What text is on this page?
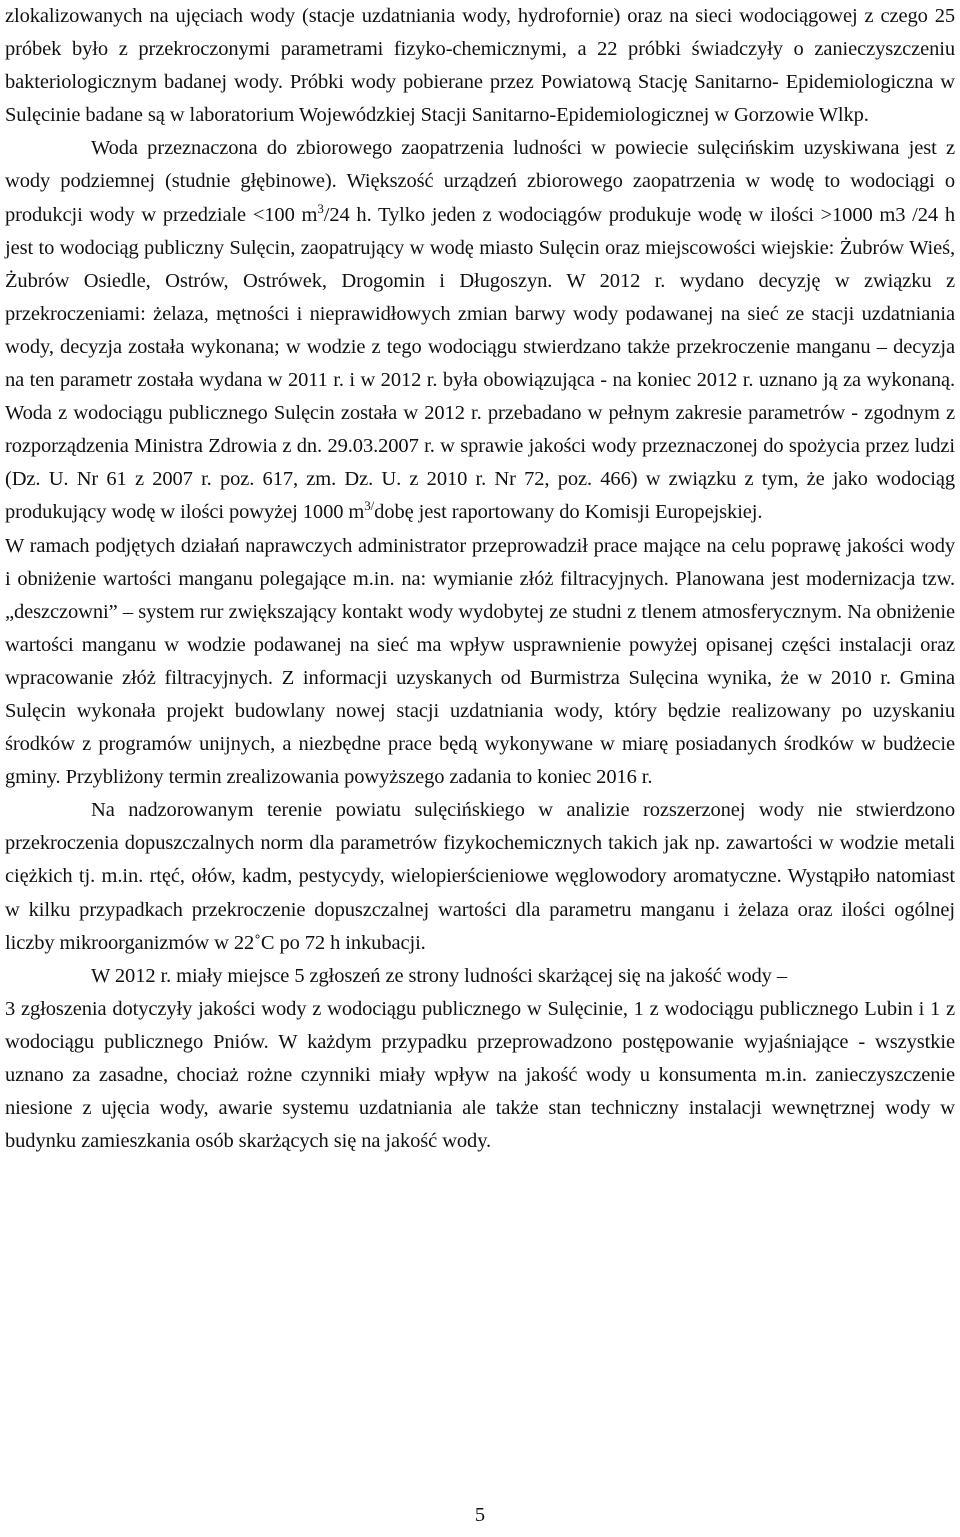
zlokalizowanych na ujęciach wody (stacje uzdatniania wody, hydrofornie) oraz na sieci wodociągowej z czego 25 próbek było z przekroczonymi parametrami fizyko-chemicznymi, a 22 próbki świadczyły o zanieczyszczeniu bakteriologicznym badanej wody. Próbki wody pobierane przez Powiatową Stację Sanitarno- Epidemiologiczna w Sulęcinie badane są w laboratorium Wojewódzkiej Stacji Sanitarno-Epidemiologicznej w Gorzowie Wlkp.

Woda przeznaczona do zbiorowego zaopatrzenia ludności w powiecie sulęcińskim uzyskiwana jest z wody podziemnej (studnie głębinowe). Większość urządzeń zbiorowego zaopatrzenia w wodę to wodociągi o produkcji wody w przedziale <100 $m^3/24$ h. Tylko jeden z wodociągów produkuje wodę w ilości >1000 m3 /24 h jest to wodociąg publiczny Sulęcin, zaopatrujący w wodę miasto Sulęcin oraz miejscowości wiejskie: Żubrów Wieś, Żubrów Osiedle, Ostrów, Ostrówek, Drogomin i Długoszyn. W 2012 r. wydano decyzję w związku z przekroczeniami: żelaza, mętności i nieprawidłowych zmian barwy wody podawanej na sieć ze stacji uzdatniania wody, decyzja została wykonana; w wodzie z tego wodociągu stwierdzano także przekroczenie manganu – decyzja na ten parametr została wydana w 2011 r. i w 2012 r. była obowiązująca - na koniec 2012 r. uznano ją za wykonaną. Woda z wodociągu publicznego Sulęcin została w 2012 r. przebadano w pełnym zakresie parametrów - zgodnym z rozporządzenia Ministra Zdrowia z dn. 29.03.2007 r. w sprawie jakości wody przeznaczonej do spożycia przez ludzi (Dz. U. Nr 61 z 2007 r. poz. 617, zm. Dz. U. z 2010 r. Nr 72, poz. 466) w związku z tym, że jako wodociąg produkujący wodę w ilości powyżej 1000 $m^{3/}dobę$ jest raportowany do Komisji Europejskiej.

W ramach podjętych działań naprawczych administrator przeprowadził prace mające na celu poprawę jakości wody i obniżenie wartości manganu polegające m.in. na: wymianie złóż filtracyjnych. Planowana jest modernizacja tzw. „deszczowni” – system rur zwiększający kontakt wody wydobytej ze studni z tlenem atmosferycznym. Na obniżenie wartości manganu w wodzie podawanej na sieć ma wpływ usprawnienie powyżej opisanej części instalacji oraz wpracowanie złóż filtracyjnych. Z informacji uzyskanych od Burmistrza Sulęcina wynika, że w 2010 r. Gmina Sulęcin wykonała projekt budowlany nowej stacji uzdatniania wody, który będzie realizowany po uzyskaniu środków z programów unijnych, a niezbędne prace będą wykonywane w miarę posiadanych środków w budżecie gminy. Przybliżony termin zrealizowania powyższego zadania to koniec 2016 r.

Na nadzorowanym terenie powiatu sulęcińskiego w analizie rozszerzonej wody nie stwierdzono przekroczenia dopuszczalnych norm dla parametrów fizykochemicznych takich jak np. zawartości w wodzie metali ciężkich tj. m.in. rtęć, ołów, kadm, pestycydy, wielopierścieniowe węglowodory aromatyczne. Wystąpiło natomiast w kilku przypadkach przekroczenie dopuszczalnej wartości dla parametru manganu i żelaza oraz ilości ogólnej liczby mikroorganizmów w 22˚C po 72 h inkubacji.

W 2012 r. miały miejsce 5 zgłoszeń ze strony ludności skarżącej się na jakość wody –

3 zgłoszenia dotyczyły jakości wody z wodociągu publicznego w Sulęcinie, 1 z wodociągu publicznego Lubin i 1 z wodociągu publicznego Pniów. W każdym przypadku przeprowadzono postępowanie wyjaśniające - wszystkie uznano za zasadne, chociaż rożne czynniki miały wpływ na jakość wody u konsumenta m.in. zanieczyszczenie niesione z ujęcia wody, awarie systemu uzdatniania ale także stan techniczny instalacji wewnętrznej wody w budynku zamieszkania osób skarżących się na jakość wody.

5
